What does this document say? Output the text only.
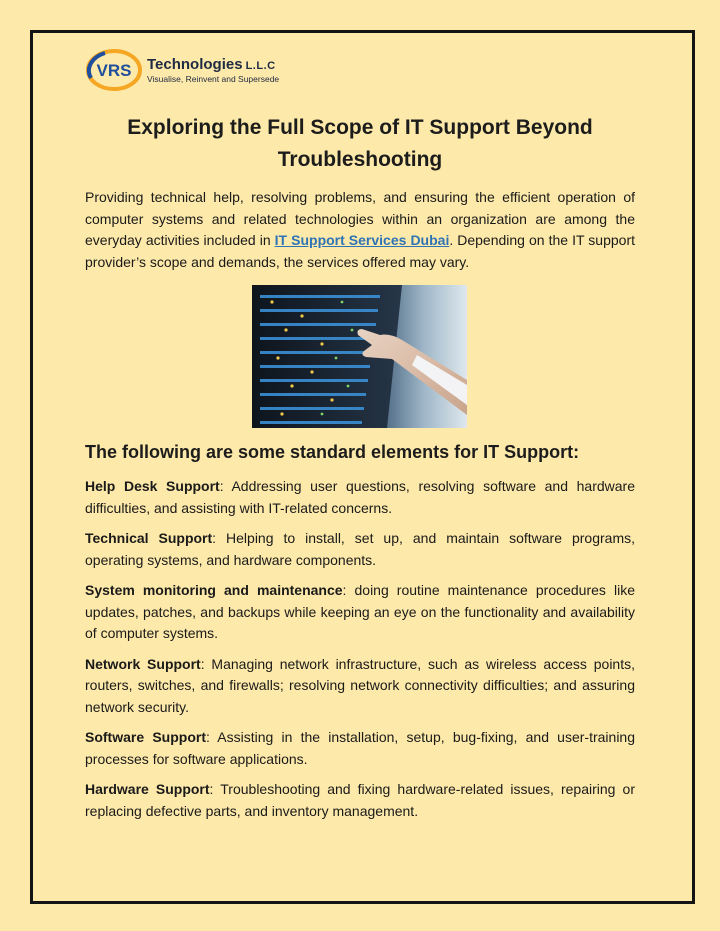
VRS Technologies L.L.C
Visualise, Reinvent and Supersede
Exploring the Full Scope of IT Support Beyond Troubleshooting

Providing technical help, resolving problems, and ensuring the efficient operation of computer systems and related technologies within an organization are among the everyday activities included in IT Support Services Dubai. Depending on the IT support provider’s scope and demands, the services offered may vary.

The following are some standard elements for IT Support:

Help Desk Support: Addressing user questions, resolving software and hardware difficulties, and assisting with IT-related concerns.

Technical Support: Helping to install, set up, and maintain software programs, operating systems, and hardware components.

System monitoring and maintenance: doing routine maintenance procedures like updates, patches, and backups while keeping an eye on the functionality and availability of computer systems.

Network Support: Managing network infrastructure, such as wireless access points, routers, switches, and firewalls; resolving network connectivity difficulties; and assuring network security.

Software Support: Assisting in the installation, setup, bug-fixing, and user-training processes for software applications.

Hardware Support: Troubleshooting and fixing hardware-related issues, repairing or replacing defective parts, and inventory management.
